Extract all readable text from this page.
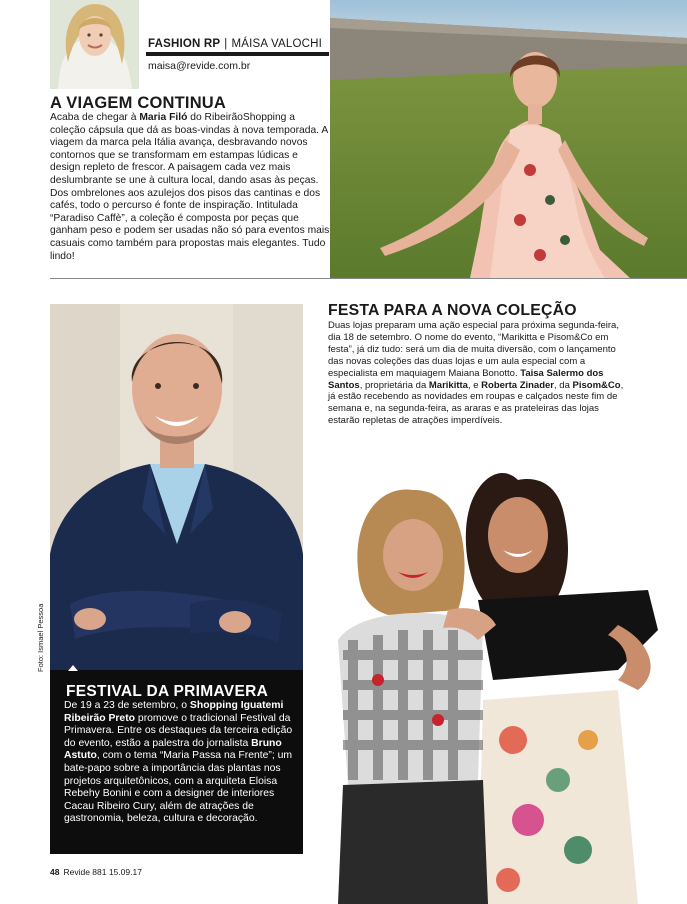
FASHION RP | MÁISA VALOCHI
maisa@revide.com.br
A VIAGEM CONTINUA
Acaba de chegar à Maria Filó do RibeirãoShopping a coleção cápsula que dá as boas-vindas à nova temporada. A viagem da marca pela Itália avança, desbravando novos contornos que se transformam em estampas lúdicas e design repleto de frescor. A paisagem cada vez mais deslumbrante se une à cultura local, dando asas às peças. Dos ombrelones aos azulejos dos pisos das cantinas e dos cafés, todo o percurso é fonte de inspiração. Intitulada “Paradiso Caffè”, a coleção é composta por peças que ganham peso e podem ser usadas não só para eventos mais casuais como também para propostas mais elegantes. Tudo lindo!
Foto: Ismael Pessoa
FESTIVAL DA PRIMAVERA
De 19 a 23 de setembro, o Shopping Iguatemi Ribeirão Preto promove o tradicional Festival da Primavera. Entre os destaques da terceira edição do evento, estão a palestra do jornalista Bruno Astuto, com o tema “Maria Passa na Frente”; um bate-papo sobre a importância das plantas nos projetos arquitetônicos, com a arquiteta Eloisa Rebehy Bonini e com a designer de interiores Cacau Ribeiro Cury, além de atrações de gastronomia, beleza, cultura e decoração.
FESTA PARA A NOVA COLEÇÃO
Duas lojas preparam uma ação especial para próxima segunda-feira, dia 18 de setembro. O nome do evento, “Marikitta e Pisom&Co em festa”, já diz tudo: será um dia de muita diversão, com o lançamento das novas coleções das duas lojas e um aula especial com a especialista em maquiagem Maiana Bonotto. Taisa Salermo dos Santos, proprietária da Marikitta, e Roberta Zinader, da Pisom&Co, já estão recebendo as novidades em roupas e calçados neste fim de semana e, na segunda-feira, as araras e as prateleiras das lojas estarão repletas de atrações imperdíveis.
48 Revide 881 15.09.17
